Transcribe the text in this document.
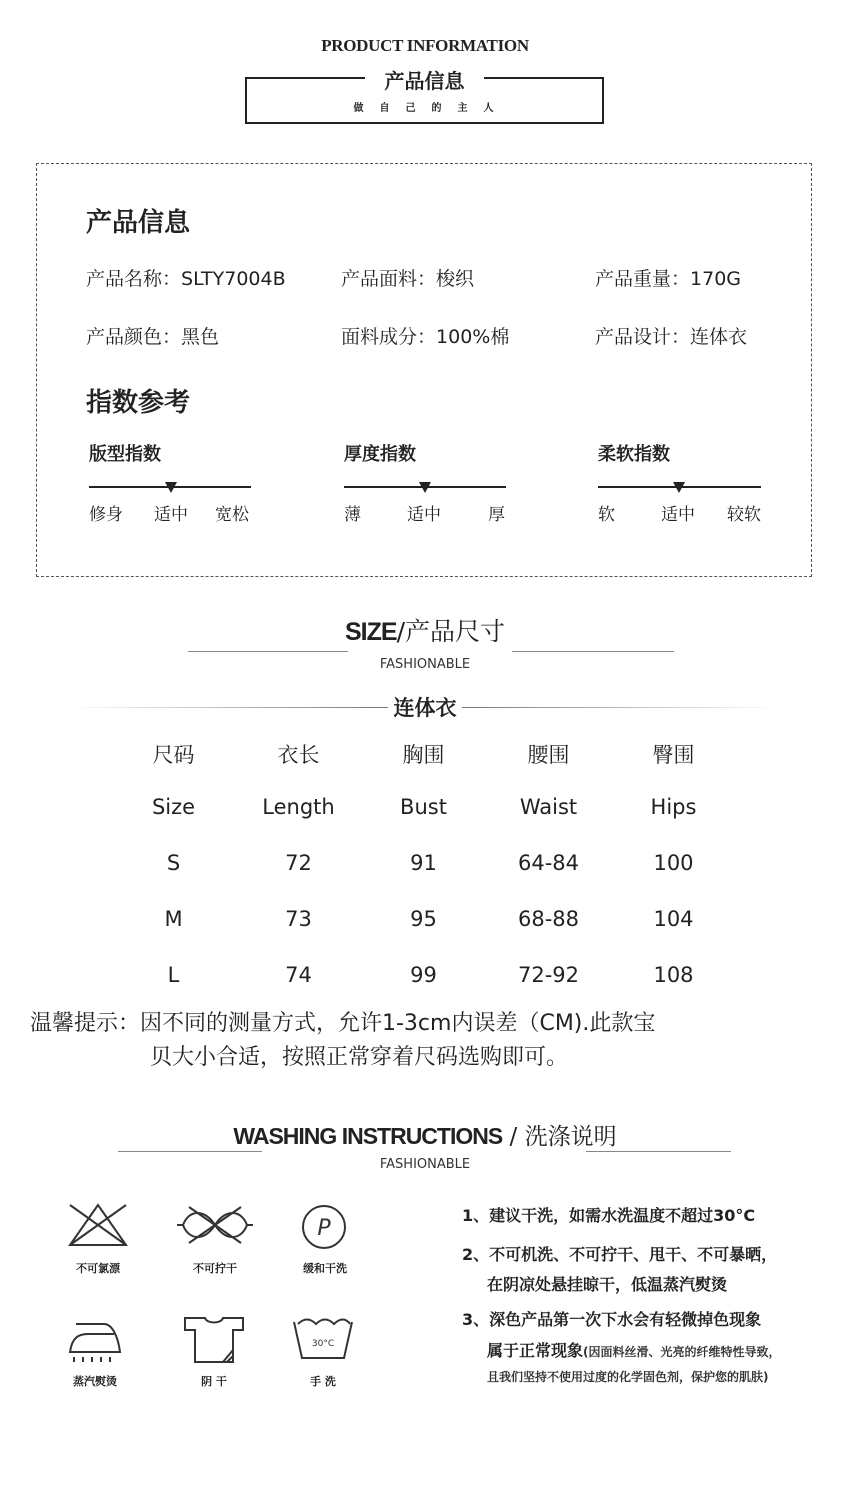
PRODUCT INFORMATION
产品信息
做 自 己 的 主 人
产品信息
产品名称：SLTY7004B	产品面料：梭织	产品重量：170G
产品颜色：黑色	面料成分：100%棉	产品设计：连体衣
指数参考
版型指数
修身 适中 宽松
厚度指数
薄	适中	厚
柔软指数
软	适中 较软
SIZE/产品尺寸
FASHIONABLE
连体衣
尺码	衣长	胸围	腰围	臀围
Size	Length	Bust	Waist	Hips
S	72	91	64-84	100
M	73	95	68-88	104
L	74	99	72-92	108
温馨提示：因不同的测量方式，允许1-3cm内误差（CM).此款宝
贝大小合适，按照正常穿着尺码选购即可。
WASHING INSTRUCTIONS / 洗涤说明
FASHIONABLE
不可氯漂	不可拧干
P
缓和干洗
蒸汽熨烫	阴 干
30°C
手 洗
1、建议干洗，如需水洗温度不超过30°C
2、不可机洗、不可拧干、甩干、不可暴晒，
在阴凉处悬挂晾干，低温蒸汽熨烫
3、深色产品第一次下水会有轻微掉色现象
属于正常现象(因面料丝滑、光亮的纤维特性导致，
且我们坚持不使用过度的化学固色剂，保护您的肌肤)
